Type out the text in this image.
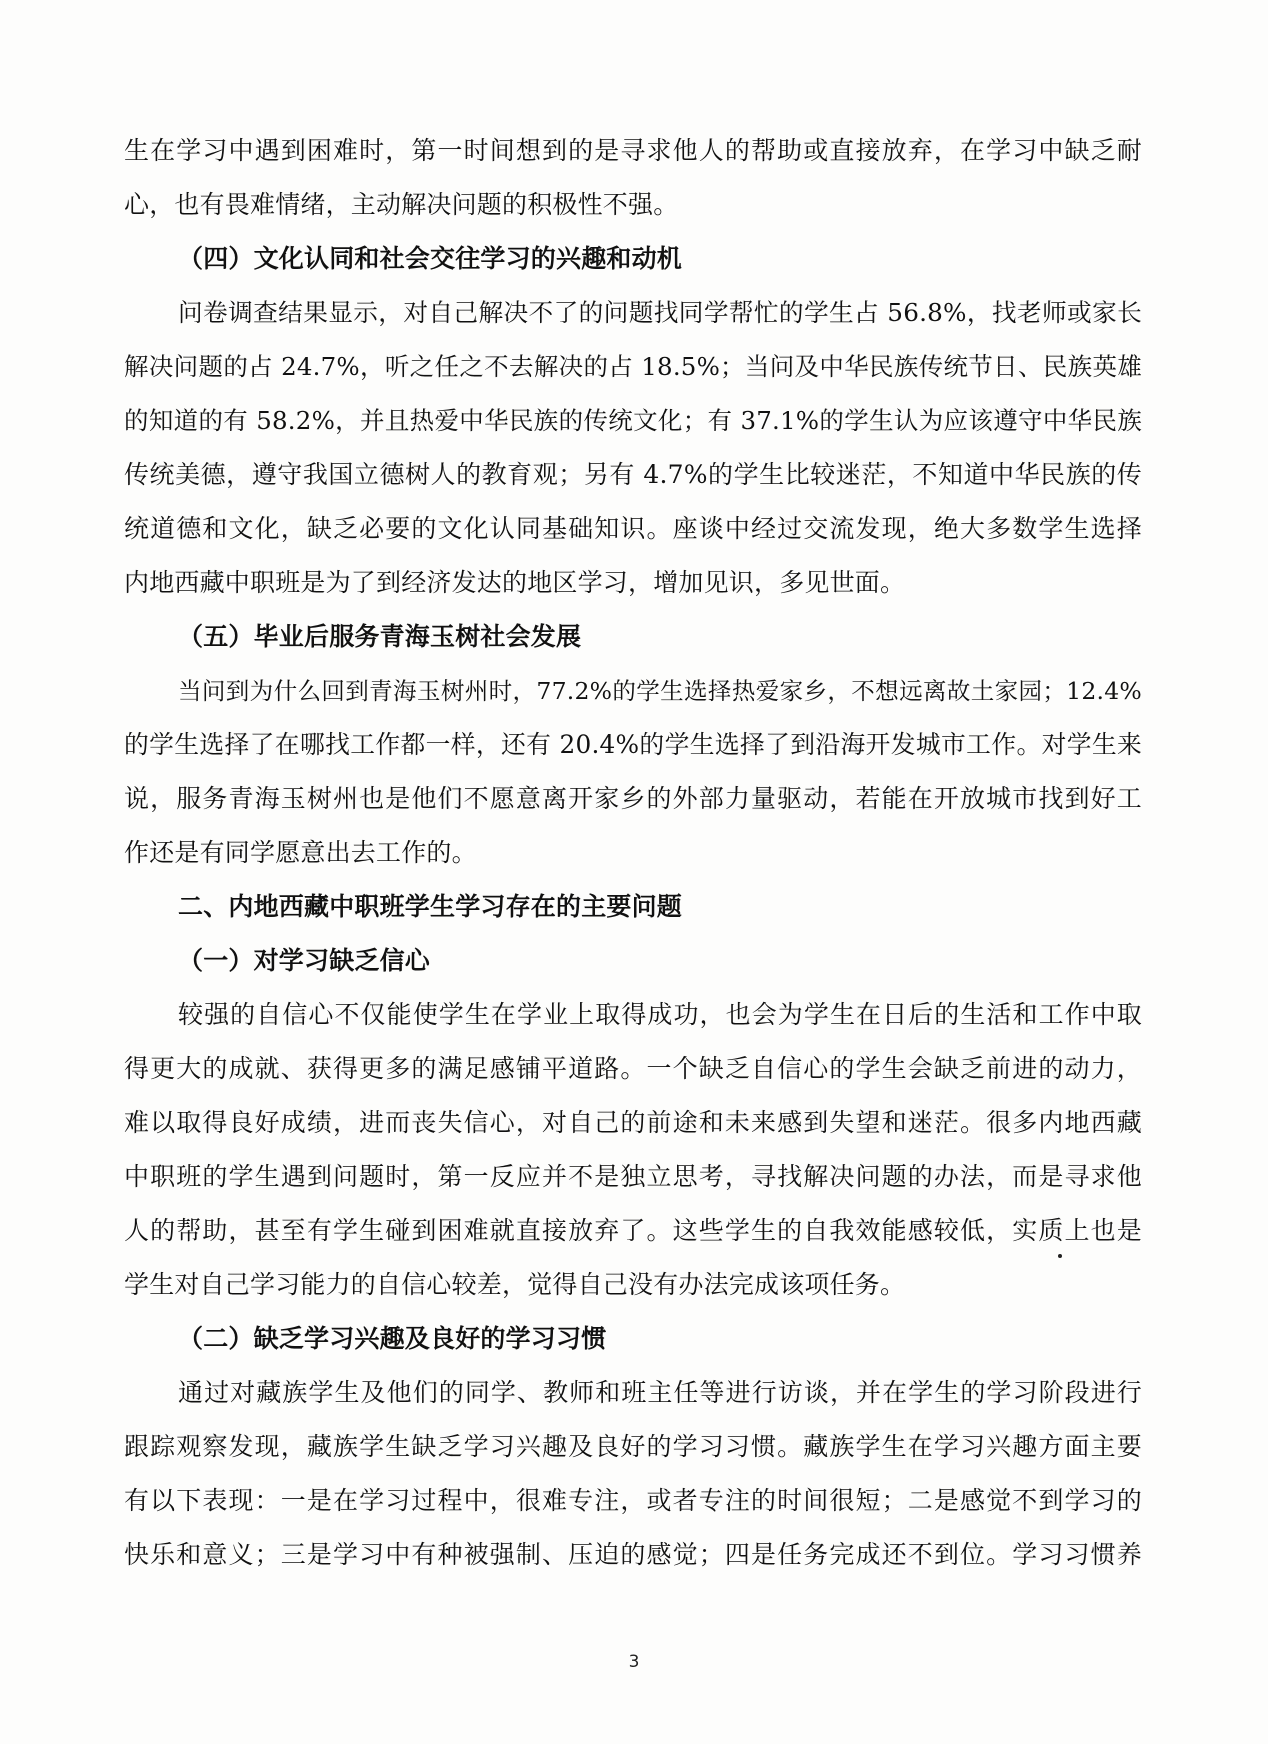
生在学习中遇到困难时，第一时间想到的是寻求他人的帮助或直接放弃，在学习中缺乏耐
心，也有畏难情绪，主动解决问题的积极性不强。
（四）文化认同和社会交往学习的兴趣和动机
问卷调查结果显示，对自己解决不了的问题找同学帮忙的学生占 56.8%，找老师或家长
解决问题的占 24.7%，听之任之不去解决的占 18.5%；当问及中华民族传统节日、民族英雄
的知道的有 58.2%，并且热爱中华民族的传统文化；有 37.1%的学生认为应该遵守中华民族
传统美德，遵守我国立德树人的教育观；另有 4.7%的学生比较迷茫，不知道中华民族的传
统道德和文化，缺乏必要的文化认同基础知识。座谈中经过交流发现，绝大多数学生选择
内地西藏中职班是为了到经济发达的地区学习，增加见识，多见世面。
（五）毕业后服务青海玉树社会发展
当问到为什么回到青海玉树州时，77.2%的学生选择热爱家乡，不想远离故土家园；12.4%
的学生选择了在哪找工作都一样，还有 20.4%的学生选择了到沿海开发城市工作。对学生来
说，服务青海玉树州也是他们不愿意离开家乡的外部力量驱动，若能在开放城市找到好工
作还是有同学愿意出去工作的。
二、内地西藏中职班学生学习存在的主要问题
（一）对学习缺乏信心
较强的自信心不仅能使学生在学业上取得成功，也会为学生在日后的生活和工作中取
得更大的成就、获得更多的满足感铺平道路。一个缺乏自信心的学生会缺乏前进的动力，
难以取得良好成绩，进而丧失信心，对自己的前途和未来感到失望和迷茫。很多内地西藏
中职班的学生遇到问题时，第一反应并不是独立思考，寻找解决问题的办法，而是寻求他
人的帮助，甚至有学生碰到困难就直接放弃了。这些学生的自我效能感较低，实质上也是
学生对自己学习能力的自信心较差，觉得自己没有办法完成该项任务。
（二）缺乏学习兴趣及良好的学习习惯
通过对藏族学生及他们的同学、教师和班主任等进行访谈，并在学生的学习阶段进行
跟踪观察发现，藏族学生缺乏学习兴趣及良好的学习习惯。藏族学生在学习兴趣方面主要
有以下表现：一是在学习过程中，很难专注，或者专注的时间很短；二是感觉不到学习的
快乐和意义；三是学习中有种被强制、压迫的感觉；四是任务完成还不到位。学习习惯养
3
